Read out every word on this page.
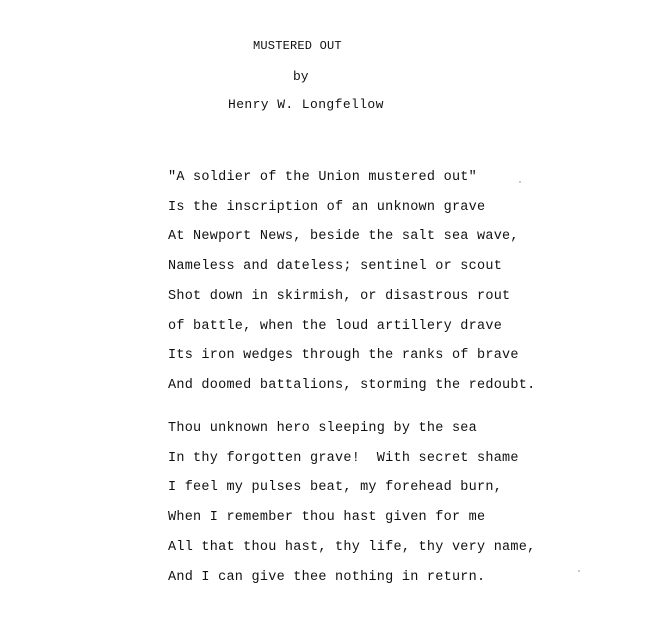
MUSTERED OUT
by
Henry W. Longfellow
"A soldier of the Union mustered out"
Is the inscription of an unknown grave
At Newport News, beside the salt sea wave,
Nameless and dateless; sentinel or scout
Shot down in skirmish, or disastrous rout
of battle, when the loud artillery drave
Its iron wedges through the ranks of brave
And doomed battalions, storming the redoubt.
Thou unknown hero sleeping by the sea
In thy forgotten grave!  With secret shame
I feel my pulses beat, my forehead burn,
When I remember thou hast given for me
All that thou hast, thy life, thy very name,
And I can give thee nothing in return.
